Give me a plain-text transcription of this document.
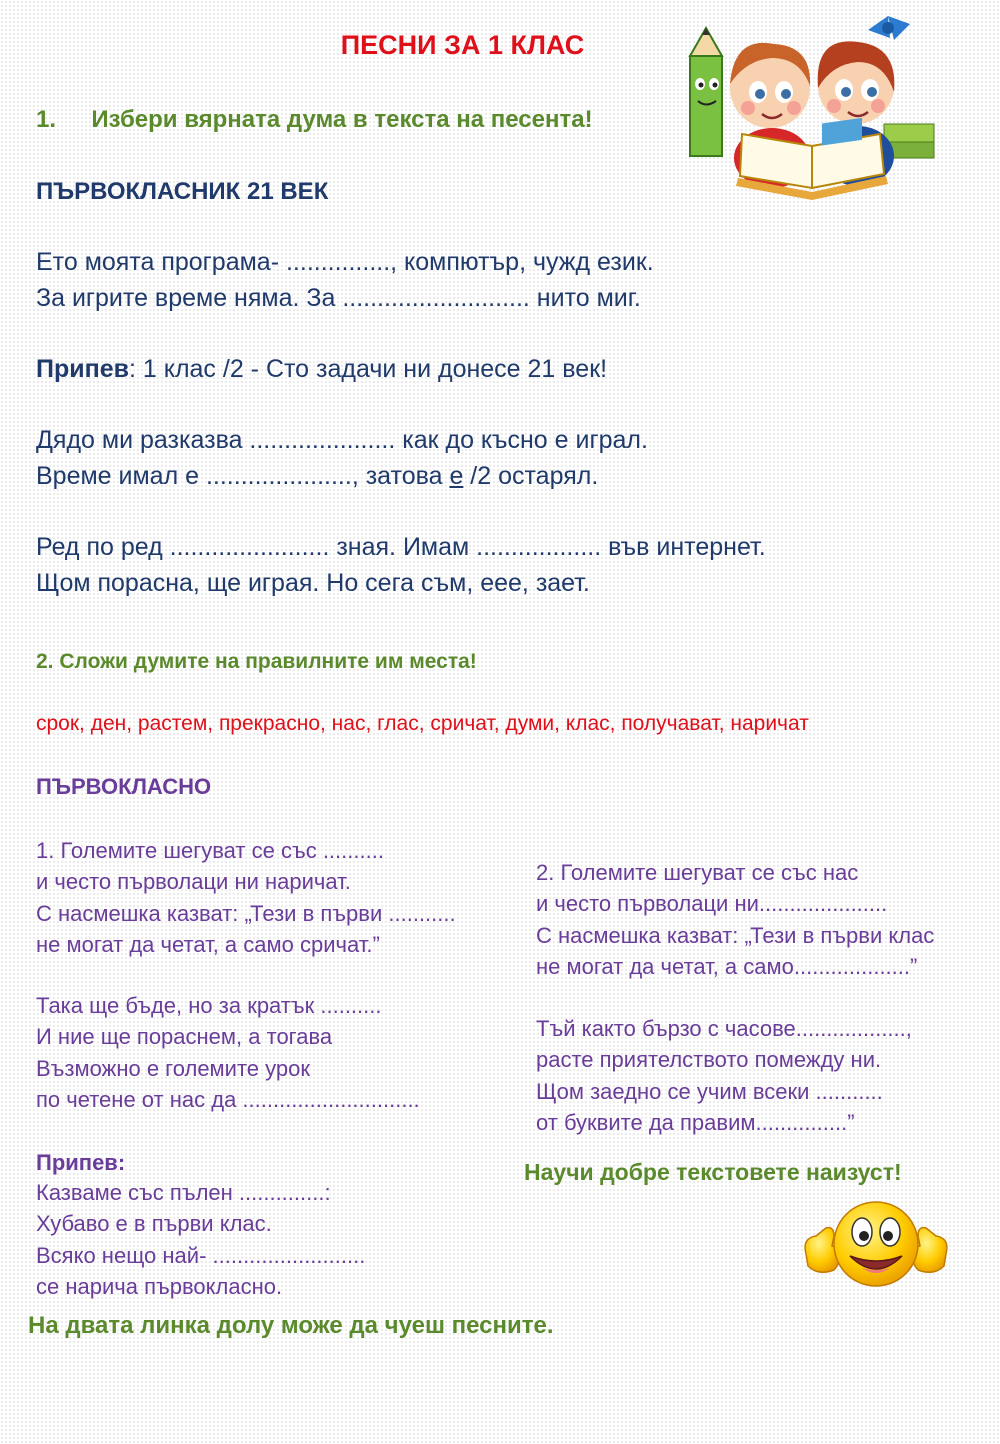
ПЕСНИ ЗА 1 КЛАС
1. Избери вярната дума в текста на песента!
ПЪРВОКЛАСНИК 21 ВЕК
Ето моята програма- ..............., компютър, чужд език.
За игрите време няма. За ........................... нито миг.
Припев: 1 клас /2 - Сто задачи ни донесе 21 век!
Дядо ми разказва ..................... как до късно е играл.
Време имал е ....................., затова е /2 остарял.
Ред по ред ....................... зная. Имам .................. във интернет.
Щом порасна, ще играя. Но сега съм, еее, зает.
2. Сложи думите на правилните им места!
срок, ден, растем, прекрасно, нас, глас, сричат, думи, клас, получават, наричат
ПЪРВОКЛАСНО
1. Големите шегуват се със ..........
и често първолаци ни наричат.
С насмешка казват: „Тези в първи ...........
не могат да четат, а само сричат.”
Така ще бъде, но за кратък ..........
И ние ще пораснем, а тогава
Възможно е големите урок
по четене от нас да .............................
Припев:
Казваме със пълен ..............:
Хубаво е в първи клас.
Всяко нещо най- .........................
се нарича първокласно.
2. Големите шегуват се със нас
и често първолаци ни.....................
С насмешка казват: „Тези в първи клас
не могат да четат, а само...................”
Тъй както бързо с часове..................,
расте приятелството помежду ни.
Щом заедно се учим всеки ...........
от буквите да правим...............”
Научи добре текстовете наизуст!
На двата линка долу може да чуеш песните.
